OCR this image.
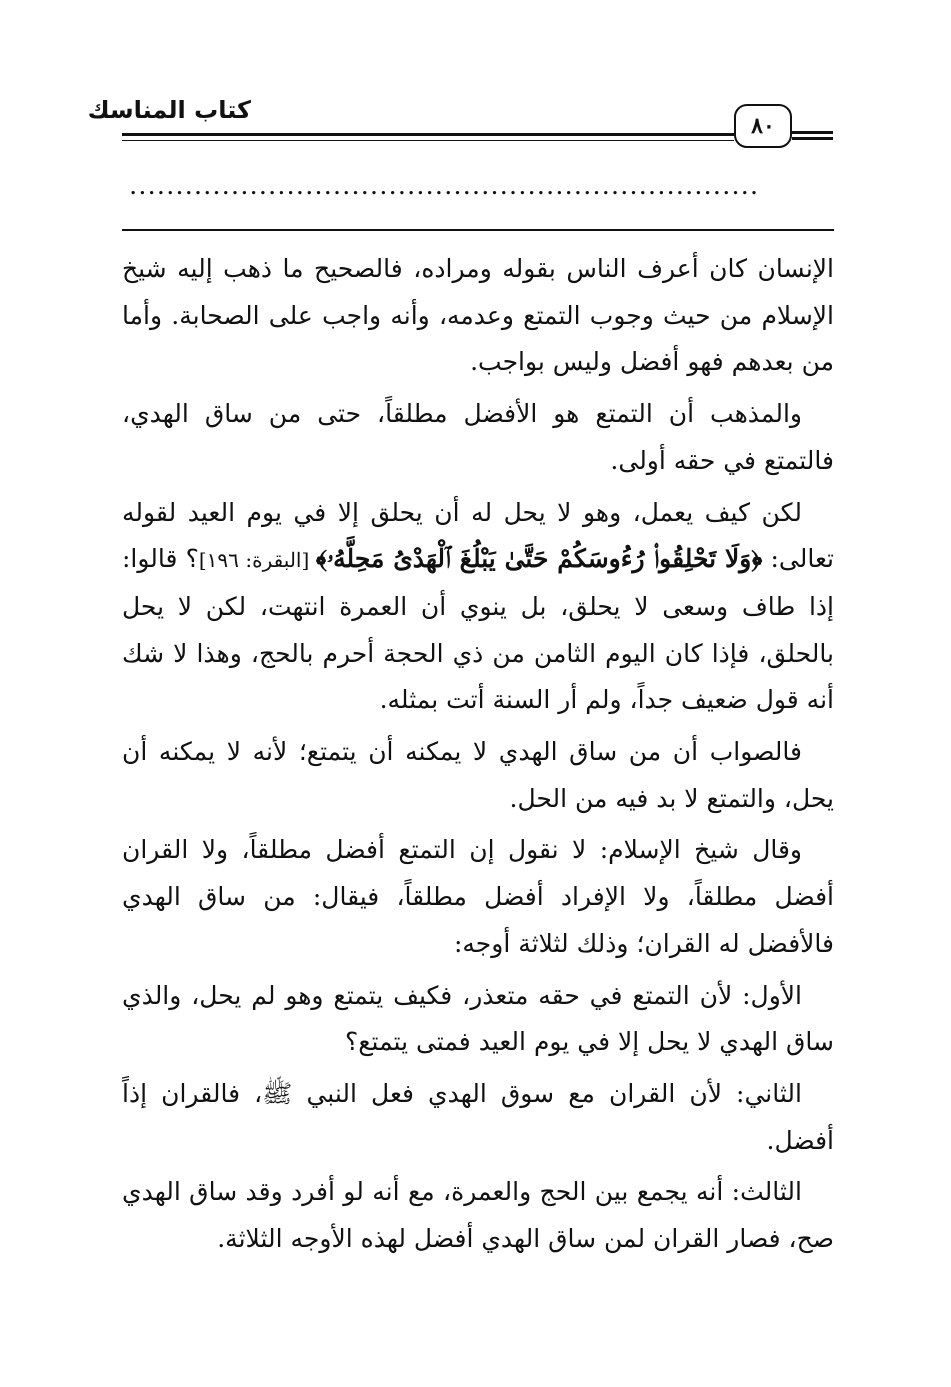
كتاب المناسك
٨٠
....................................................................

الإنسان كان أعرف الناس بقوله ومراده، فالصحيح ما ذهب إليه شيخ الإسلام من حيث وجوب التمتع وعدمه، وأنه واجب على الصحابة. وأما من بعدهم فهو أفضل وليس بواجب.

والمذهب أن التمتع هو الأفضل مطلقاً، حتى من ساق الهدي، فالتمتع في حقه أولى.

لكن كيف يعمل، وهو لا يحل له أن يحلق إلا في يوم العيد لقوله تعالى: ﴿وَلَا تَحْلِقُوا۟ رُءُوسَكُمْ حَتَّىٰ يَبْلُغَ ٱلْهَدْىُ مَحِلَّهُۥ﴾ [البقرة: ١٩٦]؟ قالوا: إذا طاف وسعى لا يحلق، بل ينوي أن العمرة انتهت، لكن لا يحل بالحلق، فإذا كان اليوم الثامن من ذي الحجة أحرم بالحج، وهذا لا شك أنه قول ضعيف جداً، ولم أر السنة أتت بمثله.

فالصواب أن من ساق الهدي لا يمكنه أن يتمتع؛ لأنه لا يمكنه أن يحل، والتمتع لا بد فيه من الحل.

وقال شيخ الإسلام: لا نقول إن التمتع أفضل مطلقاً، ولا القران أفضل مطلقاً، ولا الإفراد أفضل مطلقاً، فيقال: من ساق الهدي فالأفضل له القران؛ وذلك لثلاثة أوجه:

الأول: لأن التمتع في حقه متعذر، فكيف يتمتع وهو لم يحل، والذي ساق الهدي لا يحل إلا في يوم العيد فمتى يتمتع؟

الثاني: لأن القران مع سوق الهدي فعل النبي ﷺ، فالقران إذاً أفضل.

الثالث: أنه يجمع بين الحج والعمرة، مع أنه لو أفرد وقد ساق الهدي صح، فصار القران لمن ساق الهدي أفضل لهذه الأوجه الثلاثة.
